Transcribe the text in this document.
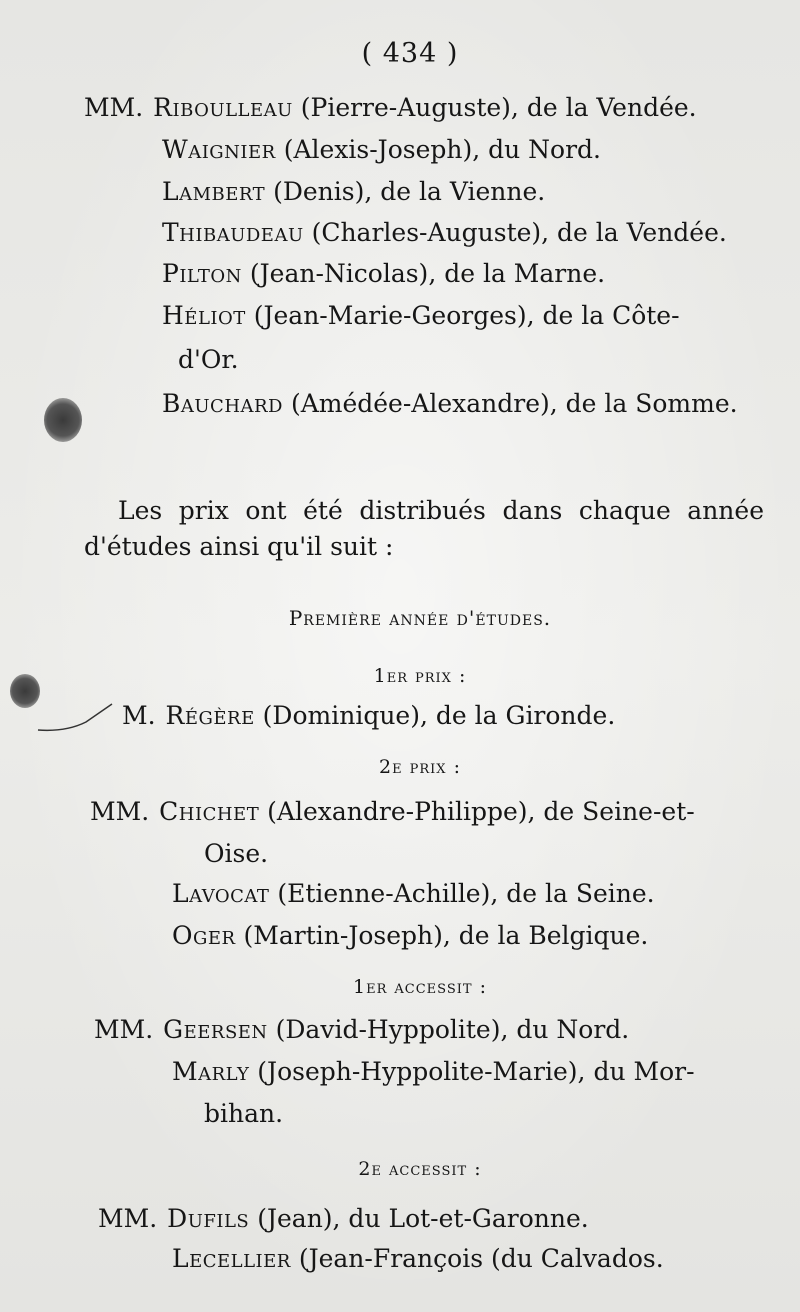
( 434 )
MM. Riboulleau (Pierre-Auguste), de la Vendée.
Waignier (Alexis-Joseph), du Nord.
Lambert (Denis), de la Vienne.
Thibaudeau (Charles-Auguste), de la Vendée.
Pilton (Jean-Nicolas), de la Marne.
Héliot (Jean-Marie-Georges), de la Côte-
d'Or.
Bauchard (Amédée-Alexandre), de la Somme.
Les prix ont été distribués dans chaque année d'études ainsi qu'il suit :
Première année d'études.
1er prix :
M. Régère (Dominique), de la Gironde.
2e prix :
MM. Chichet (Alexandre-Philippe), de Seine-et-
Oise.
Lavocat (Etienne-Achille), de la Seine.
Oger (Martin-Joseph), de la Belgique.
1er accessit :
MM. Geersen (David-Hyppolite), du Nord.
Marly (Joseph-Hyppolite-Marie), du Mor-
bihan.
2e accessit :
MM. Dufils (Jean), du Lot-et-Garonne.
Lecellier (Jean-François (du Calvados.
